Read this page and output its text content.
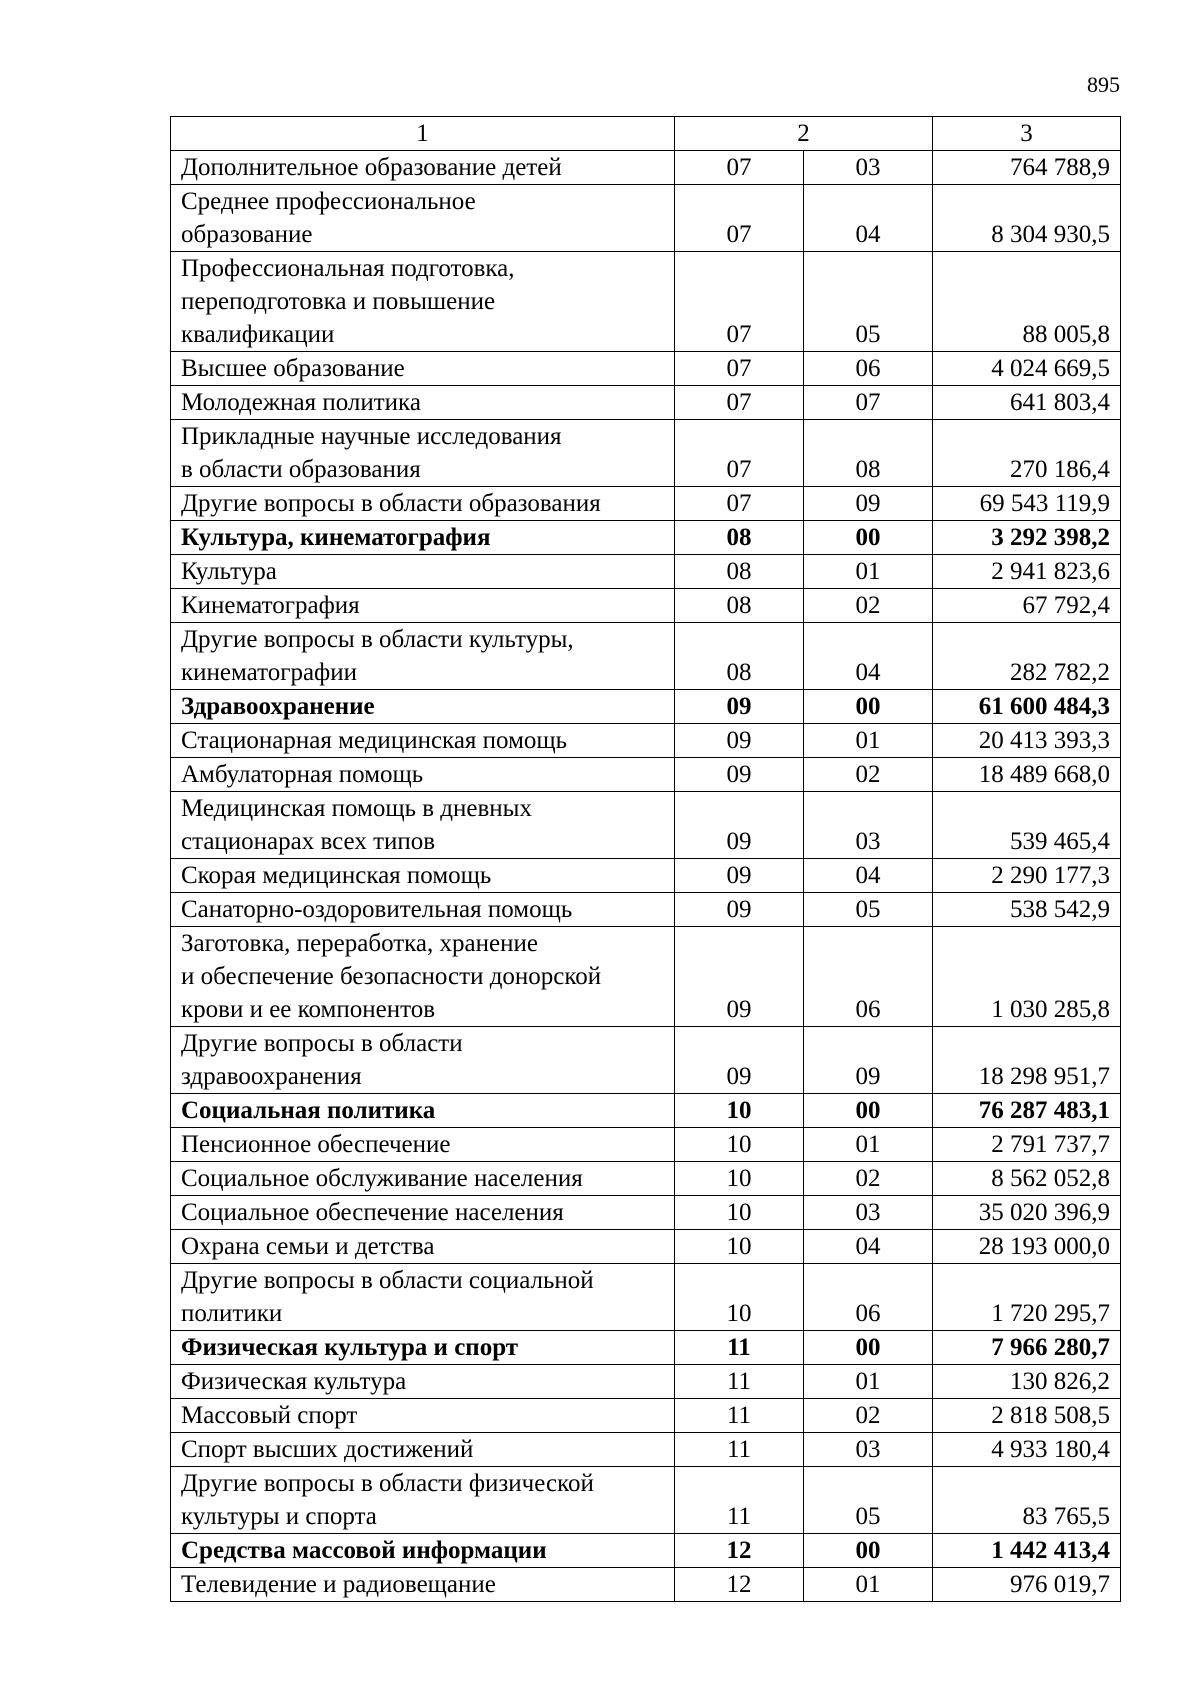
895
1	2		3

Дополнительное образование детей	07	03	764 788,9

Среднее профессиональное
образование	07	04	8 304 930,5

Профессиональная подготовка,
переподготовка и повышение
квалификации	07	05	88 005,8

Высшее образование	07	06	4 024 669,5

Молодежная политика	07	07	641 803,4

Прикладные научные исследования
в области образования	07	08	270 186,4

Другие вопросы в области образования	07	09	69 543 119,9

Культура, кинематография	08	00	3 292 398,2

Культура	08	01	2 941 823,6

Кинематография	08	02	67 792,4

Другие вопросы в области культуры,
кинематографии	08	04	282 782,2

Здравоохранение	09	00	61 600 484,3

Стационарная медицинская помощь	09	01	20 413 393,3

Амбулаторная помощь	09	02	18 489 668,0

Медицинская помощь в дневных
стационарах всех типов	09	03	539 465,4

Скорая медицинская помощь	09	04	2 290 177,3

Санаторно-оздоровительная помощь	09	05	538 542,9

Заготовка, переработка, хранение
и обеспечение безопасности донорской
крови и ее компонентов	09	06	1 030 285,8

Другие вопросы в области
здравоохранения	09	09	18 298 951,7

Социальная политика	10	00	76 287 483,1

Пенсионное обеспечение	10	01	2 791 737,7

Социальное обслуживание населения	10	02	8 562 052,8

Социальное обеспечение населения	10	03	35 020 396,9

Охрана семьи и детства	10	04	28 193 000,0

Другие вопросы в области социальной
политики	10	06	1 720 295,7

Физическая культура и спорт	11	00	7 966 280,7

Физическая культура	11	01	130 826,2

Массовый спорт	11	02	2 818 508,5

Спорт высших достижений	11	03	4 933 180,4

Другие вопросы в области физической
культуры и спорта	11	05	83 765,5

Средства массовой информации	12	00	1 442 413,4

Телевидение и радиовещание	12	01	976 019,7
